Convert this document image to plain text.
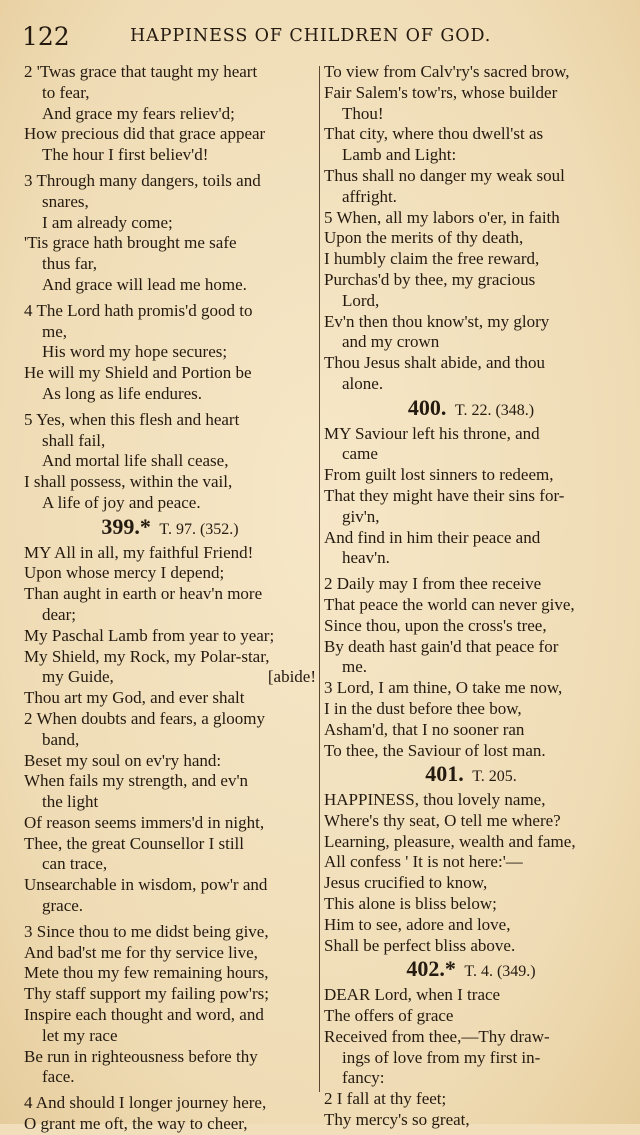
122	HAPPINESS OF CHILDREN OF GOD.
2 'Twas grace that taught my heart
to fear,
And grace my fears reliev'd;
How precious did that grace appear
The hour I first believ'd!
3 Through many dangers, toils and
snares,
I am already come;
'Tis grace hath brought me safe
thus far,
And grace will lead me home.
4 The Lord hath promis'd good to
me,
His word my hope secures;
He will my Shield and Portion be
As long as life endures.
5 Yes, when this flesh and heart
shall fail,
And mortal life shall cease,
I shall possess, within the vail,
A life of joy and peace.
399.* T. 97. (352.)
MY All in all, my faithful Friend!
Upon whose mercy I depend;
Than aught in earth or heav'n more
dear;
My Paschal Lamb from year to year;
My Shield, my Rock, my Polar-star,
my Guide,	[abide!
Thou art my God, and ever shalt
2 When doubts and fears, a gloomy
band,
Beset my soul on ev'ry hand:
When fails my strength, and ev'n
the light
Of reason seems immers'd in night,
Thee, the great Counsellor I still
can trace,
Unsearchable in wisdom, pow'r and
grace.
3 Since thou to me didst being give,
And bad'st me for thy service live,
Mete thou my few remaining hours,
Thy staff support my failing pow'rs;
Inspire each thought and word, and
let my race
Be run in righteousness before thy
face.
4 And should I longer journey here,
O grant me oft, the way to cheer,
To view from Calv'ry's sacred brow,
Fair Salem's tow'rs, whose builder
Thou!
That city, where thou dwell'st as
Lamb and Light:
Thus shall no danger my weak soul
affright.
5 When, all my labors o'er, in faith
Upon the merits of thy death,
I humbly claim the free reward,
Purchas'd by thee, my gracious
Lord,
Ev'n then thou know'st, my glory
and my crown
Thou Jesus shalt abide, and thou
alone.
400. T. 22. (348.)
MY Saviour left his throne, and
came
From guilt lost sinners to redeem,
That they might have their sins for-
giv'n,
And find in him their peace and
heav'n.
2 Daily may I from thee receive
That peace the world can never give,
Since thou, upon the cross's tree,
By death hast gain'd that peace for
me.
3 Lord, I am thine, O take me now,
I in the dust before thee bow,
Asham'd, that I no sooner ran
To thee, the Saviour of lost man.
401. T. 205.
HAPPINESS, thou lovely name,
Where's thy seat, O tell me where?
Learning, pleasure, wealth and fame,
All confess ' It is not here:'—
Jesus crucified to know,
This alone is bliss below;
Him to see, adore and love,
Shall be perfect bliss above.
402.* T. 4. (349.)
DEAR Lord, when I trace
The offers of grace
Received from thee,—Thy draw-
ings of love from my first in-
fancy:
2 I fall at thy feet;
Thy mercy's so great,
